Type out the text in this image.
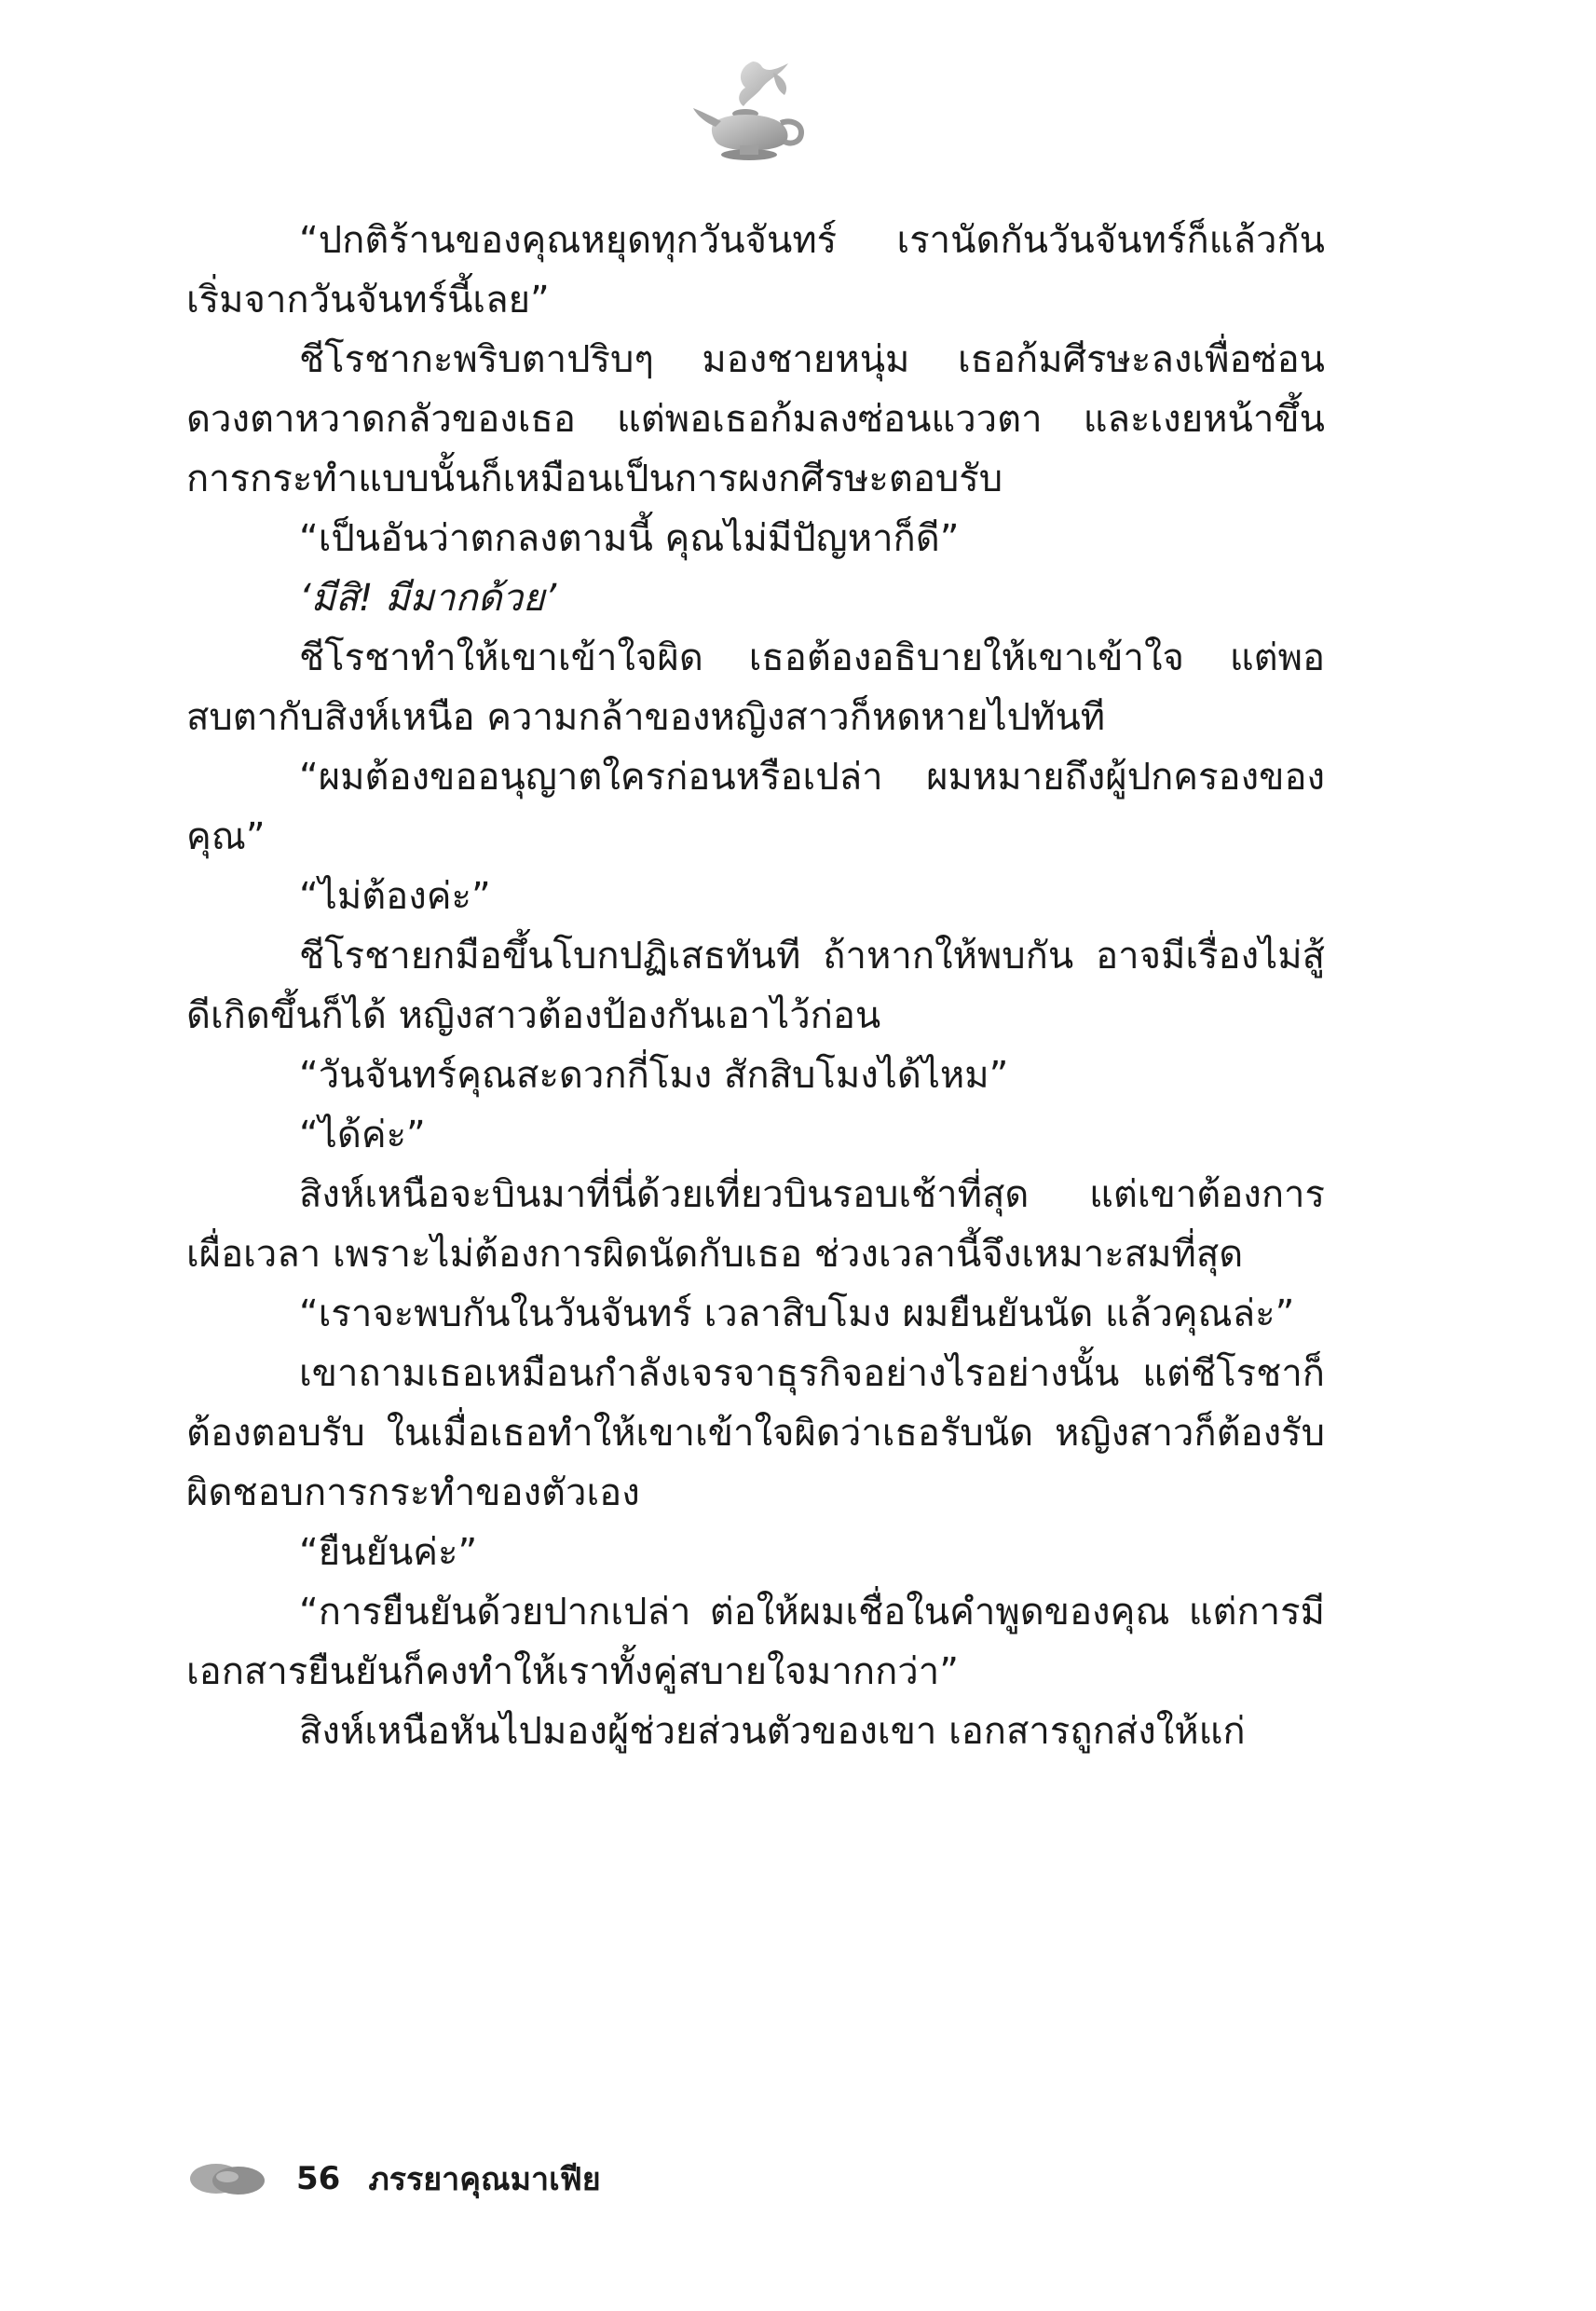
“ปกติร้านของคุณหยุดทุกวันจันทร์ เรานัดกันวันจันทร์ก็แล้วกัน เริ่มจากวันจันทร์นี้เลย”

ชีโรชากะพริบตาปริบๆ มองชายหนุ่ม เธอก้มศีรษะลงเพื่อซ่อนดวงตาหวาดกลัวของเธอ แต่พอเธอก้มลงซ่อนแววตา และเงยหน้าขึ้น การกระทำแบบนั้นก็เหมือนเป็นการผงกศีรษะตอบรับ

“เป็นอันว่าตกลงตามนี้ คุณไม่มีปัญหาก็ดี”

‘มีสิ! มีมากด้วย’

ชีโรชาทำให้เขาเข้าใจผิด เธอต้องอธิบายให้เขาเข้าใจ แต่พอสบตากับสิงห์เหนือ ความกล้าของหญิงสาวก็หดหายไปทันที

“ผมต้องขออนุญาตใครก่อนหรือเปล่า ผมหมายถึงผู้ปกครองของคุณ”

“ไม่ต้องค่ะ”

ชีโรชายกมือขึ้นโบกปฏิเสธทันที ถ้าหากให้พบกัน อาจมีเรื่องไม่สู้ดีเกิดขึ้นก็ได้ หญิงสาวต้องป้องกันเอาไว้ก่อน

“วันจันทร์คุณสะดวกกี่โมง สักสิบโมงได้ไหม”

“ได้ค่ะ”

สิงห์เหนือจะบินมาที่นี่ด้วยเที่ยวบินรอบเช้าที่สุด แต่เขาต้องการเผื่อเวลา เพราะไม่ต้องการผิดนัดกับเธอ ช่วงเวลานี้จึงเหมาะสมที่สุด

“เราจะพบกันในวันจันทร์ เวลาสิบโมง ผมยืนยันนัด แล้วคุณล่ะ”

เขาถามเธอเหมือนกำลังเจรจาธุรกิจอย่างไรอย่างนั้น แต่ชีโรชาก็ต้องตอบรับ ในเมื่อเธอทำให้เขาเข้าใจผิดว่าเธอรับนัด หญิงสาวก็ต้องรับผิดชอบการกระทำของตัวเอง

“ยืนยันค่ะ”

“การยืนยันด้วยปากเปล่า ต่อให้ผมเชื่อในคำพูดของคุณ แต่การมีเอกสารยืนยันก็คงทำให้เราทั้งคู่สบายใจมากกว่า”

สิงห์เหนือหันไปมองผู้ช่วยส่วนตัวของเขา เอกสารถูกส่งให้แก่

56 ภรรยาคุณมาเฟีย
